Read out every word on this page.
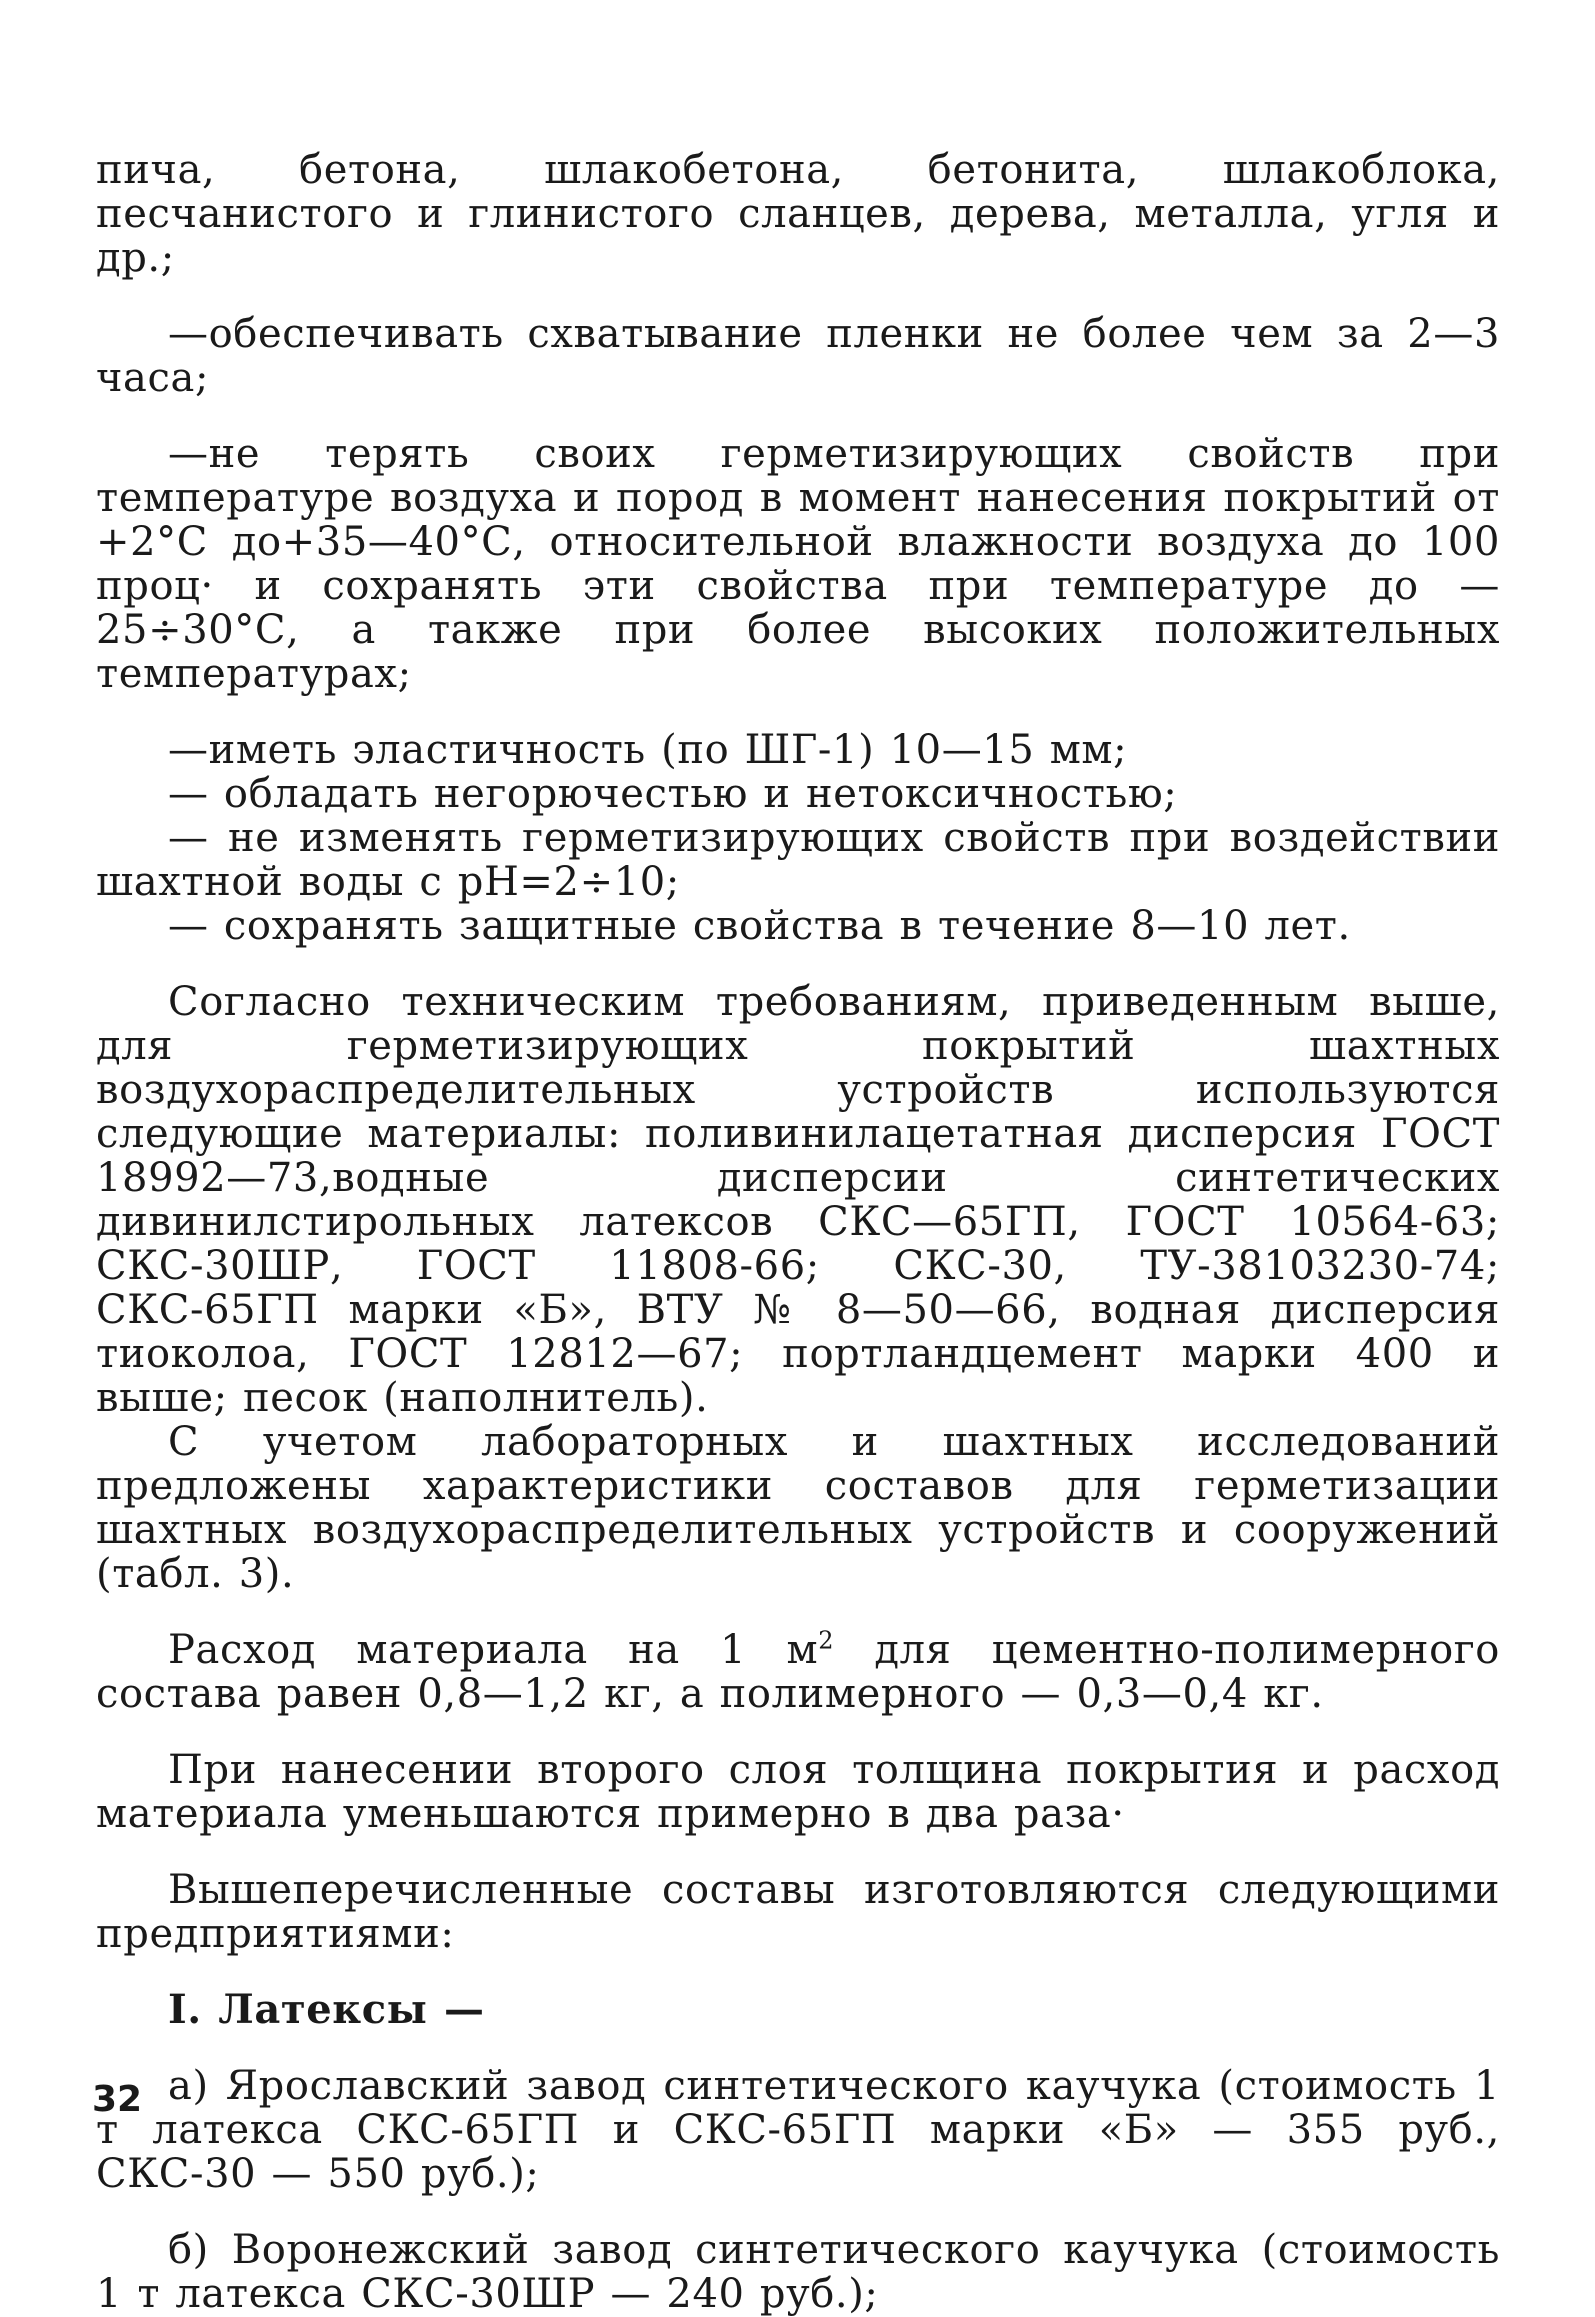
пича, бетона, шлакобетона, бетонита, шлакоблока, песчанистого и глинистого сланцев, дерева, металла, угля и др.;

—обеспечивать схватывание пленки не более чем за 2—3 часа;

—не терять своих герметизирующих свойств при температуре воздуха и пород в момент нанесения покрытий от +2°С до+35—40°С, относительной влажности воздуха до 100 проц· и сохранять эти свойства при температуре до —25÷30°С, а также при более высоких положительных температурах;

—иметь эластичность (по ШГ-1) 10—15 мм;

— обладать негорючестью и нетоксичностью;

— не изменять герметизирующих свойств при воздействии шахтной воды с рН=2÷10;

— сохранять защитные свойства в течение 8—10 лет.

Согласно техническим требованиям, приведенным выше, для герметизирующих покрытий шахтных воздухораспределительных устройств используются следующие материалы: поливинилацетатная дисперсия ГОСТ 18992—73,водные дисперсии синтетических дивинилстирольных латексов СКС—65ГП, ГОСТ 10564-63; СКС-30ШР, ГОСТ 11808-66; СКС-30, ТУ-38103230-74; СКС-65ГП марки «Б», ВТУ № 8—50—66, водная дисперсия тиоколоа, ГОСТ 12812—67; портландцемент марки 400 и выше; песок (наполнитель).

С учетом лабораторных и шахтных исследований предложены характеристики составов для герметизации шахтных воздухораспределительных устройств и сооружений (табл. 3).

Расход материала на 1 $м^2$ для цементно-полимерного состава равен 0,8—1,2 кг, а полимерного — 0,3—0,4 кг.

При нанесении второго слоя толщина покрытия и расход материала уменьшаются примерно в два раза·

Вышеперечисленные составы изготовляются следующими предприятиями:

I. Латексы —

а) Ярославский завод синтетического каучука (стоимость 1 т латекса СКС-65ГП и СКС-65ГП марки «Б» — 355 руб., СКС-30 — 550 руб.);

б) Воронежский завод синтетического каучука (стоимость 1 т латекса СКС-30ШР — 240 руб.);

32
